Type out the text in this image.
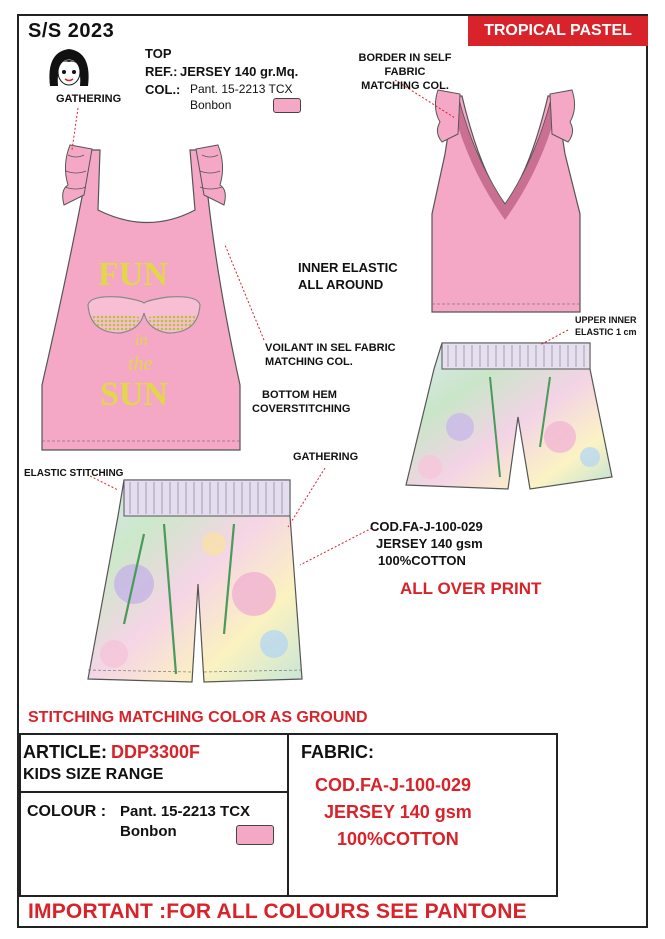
S/S 2023	TROPICAL PASTEL
GATHERING
TOP
REF.: JERSEY 140 gr.Mq.
COL.: Pant. 15-2213 TCX
Bonbon
FUN
in
the
SUN
BORDER IN SELF FABRIC
MATCHING COL.
INNER ELASTIC
ALL AROUND
VOILANT IN SEL FABRIC
MATCHING COL.
BOTTOM HEM
COVERSTITCHING
UPPER INNER
ELASTIC 1 cm
GATHERING
ELASTIC STITCHING
COD.FA-J-100-029
JERSEY 140 gsm
100%COTTON
ALL OVER PRINT
STITCHING MATCHING COLOR AS GROUND
ARTICLE: DDP3300F
KIDS SIZE RANGE
COLOUR : Pant. 15-2213 TCX
Bonbon
FABRIC:
COD.FA-J-100-029
JERSEY 140 gsm
100%COTTON
IMPORTANT :FOR ALL COLOURS SEE PANTONE
